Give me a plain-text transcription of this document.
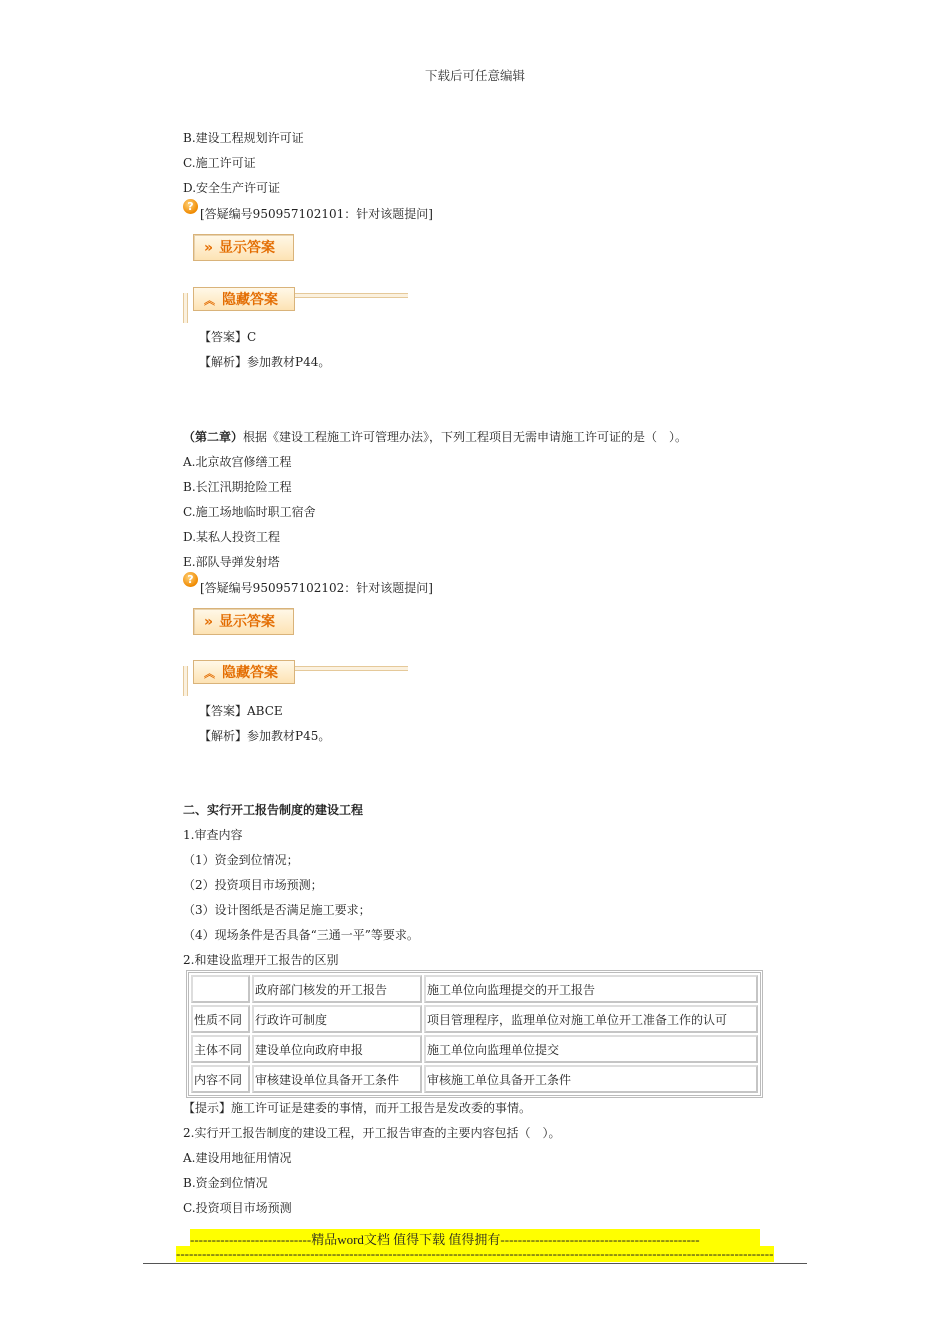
下载后可任意编辑
B.建设工程规划许可证
C.施工许可证
D.安全生产许可证
?
[答疑编号950957102101：针对该题提问]
» 显示答案
︽ 隐藏答案
【答案】C
【解析】参加教材P44。
（第二章）根据《建设工程施工许可管理办法》，下列工程项目无需申请施工许可证的是（　）。
A.北京故宫修缮工程
B.长江汛期抢险工程
C.施工场地临时职工宿舍
D.某私人投资工程
E.部队导弹发射塔
?
[答疑编号950957102102：针对该题提问]
» 显示答案
︽ 隐藏答案
【答案】ABCE
【解析】参加教材P45。
二、实行开工报告制度的建设工程
1.审查内容
（1）资金到位情况；
（2）投资项目市场预测；
（3）设计图纸是否满足施工要求；
（4）现场条件是否具备“三通一平”等要求。
2.和建设监理开工报告的区别
	政府部门核发的开工报告	施工单位向监理提交的开工报告
性质不同	行政许可制度	项目管理程序，监理单位对施工单位开工准备工作的认可
主体不同	建设单位向政府申报	施工单位向监理单位提交
内容不同	审核建设单位具备开工条件	审核施工单位具备开工条件
【提示】施工许可证是建委的事情，而开工报告是发改委的事情。
2.实行开工报告制度的建设工程，开工报告审查的主要内容包括（　）。
A.建设用地征用情况
B.资金到位情况
C.投资项目市场预测
----------------------------精品word文档 值得下载 值得拥有----------------------------------------------
------------------------------------------------------------------------------------------------------------------------------------------
